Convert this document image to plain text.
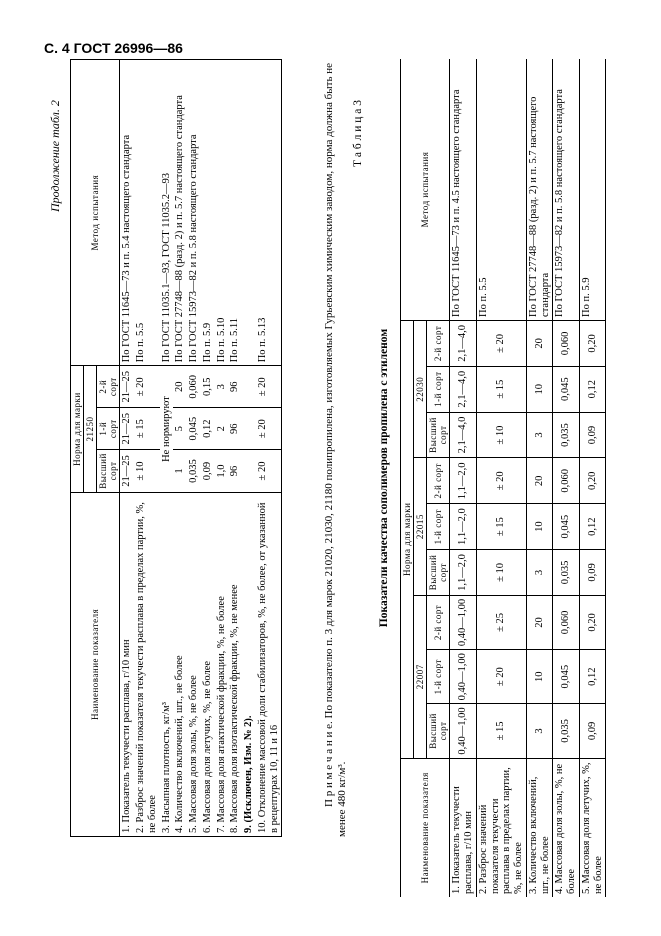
С. 4 ГОСТ 26996—86
Продолжение табл. 2
Наименование показателя	Норма для марки			Метод испытания
	21250			
	Высший сорт	1-й сорт	2-й сорт	
1. Показатель текучести расплава, г/10 мин	21—25	21—25	21—25	По ГОСТ 11645—73 и п. 5.4 настоящего стандарта
2. Разброс значений показателя текучести расплава в пределах партии, %, не более	± 10	± 15	± 20	По п. 5.5
3. Насыпная плотность, кг/м³	Не нормируют			По ГОСТ 11035.1—93, ГОСТ 11035.2—93
4. Количество включений, шт., не более	1	5	20	По ГОСТ 27748—88 (разд. 2) и п. 5.7 настоящего стандарта
5. Массовая доля золы, %, не более	0,035	0,045	0,060	По ГОСТ 15973—82 и п. 5.8 настоящего стандарта
6. Массовая доля летучих, %, не более	0,09	0,12	0,15	По п. 5.9
7. Массовая доля атактической фракции, %, не более	1,0	2	3	По п. 5.10
8. Массовая доля изотактической фракции, %, не менее	96	96	96	По п. 5.11
9. (Исключен, Изм. № 2).				
10. Отклонение массовой доли стабилизаторов, %, не более, от указанной в рецептурах 10, 11 и 16	± 20	± 20	± 20	По п. 5.13
П р и м е ч а н и е. По показателю п. 3 для марок 21020, 21030, 21180 полипропилена, изготовляемых Гурьевским химическим заводом, норма должна быть не менее 480 кг/м³.
Т а б л и ц а 3
Показатели качества сополимеров пропилена с этиленом
Наименование показателя	Норма для марки									Метод испытания
	22007			22015			22030			
	Высший сорт	1-й сорт	2-й сорт	Высший сорт	1-й сорт	2-й сорт	Высший сорт	1-й сорт	2-й сорт	
1. Показатель текучести расплава, г/10 мин	0,40—1,00	0,40—1,00	0,40—1,00	1,1—2,0	1,1—2,0	1,1—2,0	2,1—4,0	2,1—4,0	2,1—4,0	По ГОСТ 11645—73 и п. 4.5 настоящего стандарта
2. Разброс значений показателя текучести расплава в пределах партии, %, не более	± 15	± 20	± 25	± 10	± 15	± 20	± 10	± 15	± 20	По п. 5.5
3. Количество включений, шт., не более	3	10	20	3	10	20	3	10	20	По ГОСТ 27748—88 (разд. 2) и п. 5.7 настоящего стандарта
4. Массовая доля золы, %, не более	0,035	0,045	0,060	0,035	0,045	0,060	0,035	0,045	0,060	По ГОСТ 15973—82 и п. 5.8 настоящего стандарта
5. Массовая доля летучих, %, не более	0,09	0,12	0,20	0,09	0,12	0,20	0,09	0,12	0,20	По п. 5.9
